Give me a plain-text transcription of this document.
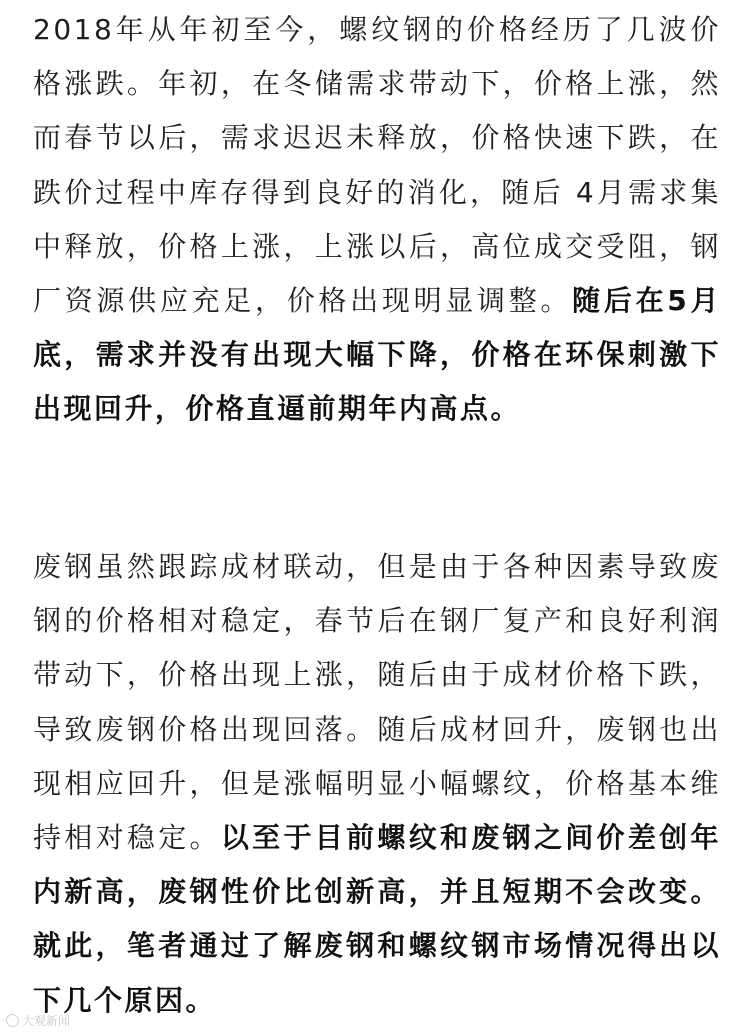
2018年从年初至今，螺纹钢的价格经历了几波价格涨跌。年初，在冬储需求带动下，价格上涨，然而春节以后，需求迟迟未释放，价格快速下跌，在跌价过程中库存得到良好的消化，随后 4月需求集中释放，价格上涨，上涨以后，高位成交受阻，钢厂资源供应充足，价格出现明显调整。随后在5月底，需求并没有出现大幅下降，价格在环保刺激下出现回升，价格直逼前期年内高点。

废钢虽然跟踪成材联动，但是由于各种因素导致废钢的价格相对稳定，春节后在钢厂复产和良好利润带动下，价格出现上涨，随后由于成材价格下跌，导致废钢价格出现回落。随后成材回升，废钢也出现相应回升，但是涨幅明显小幅螺纹，价格基本维持相对稳定。以至于目前螺纹和废钢之间价差创年内新高，废钢性价比创新高，并且短期不会改变。就此，笔者通过了解废钢和螺纹钢市场情况得出以下几个原因。

大观新闻
